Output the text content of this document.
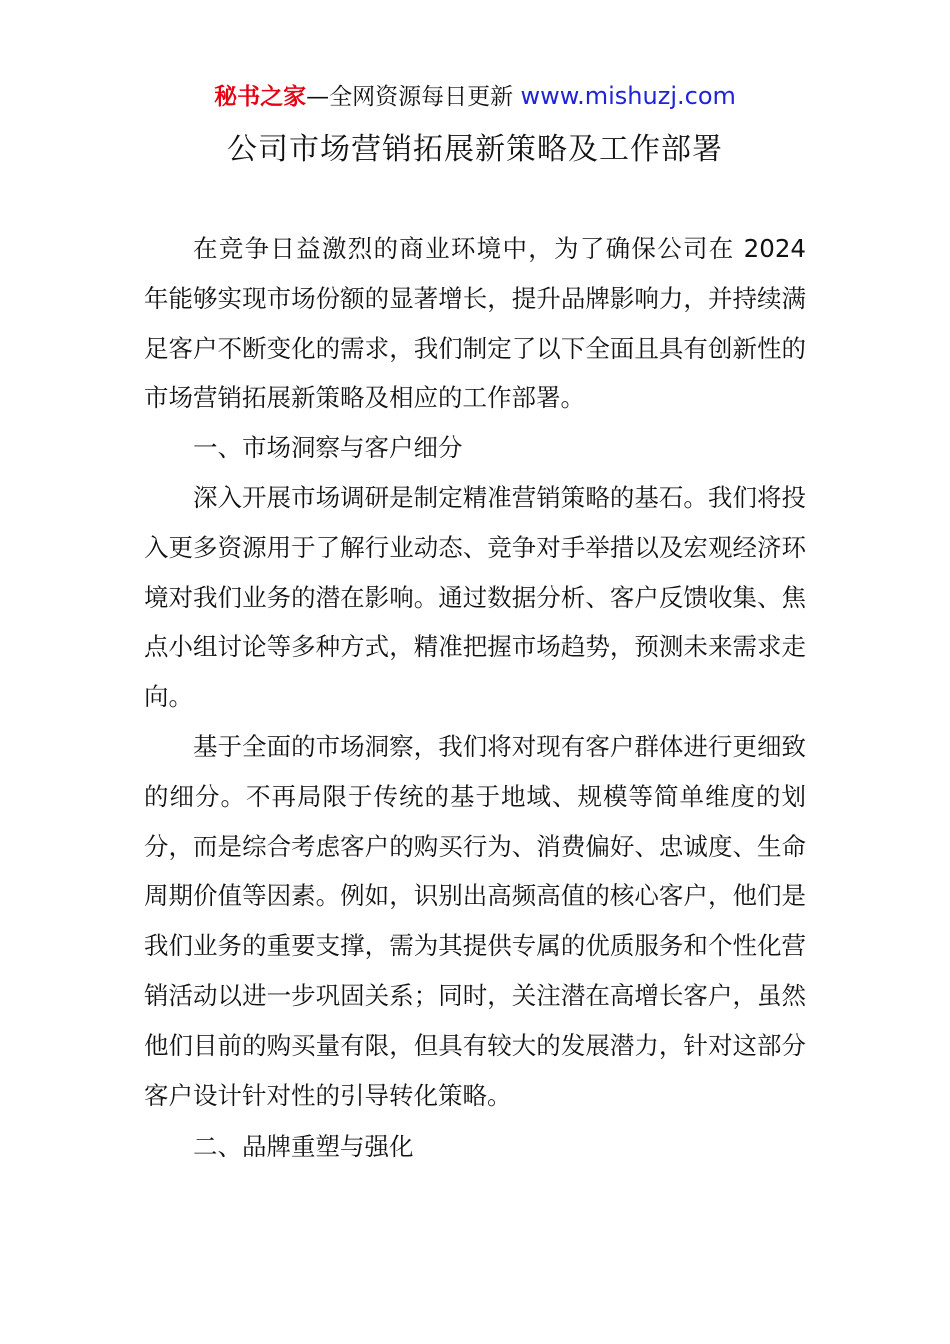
秘书之家—全网资源每日更新 www.mishuzj.com
公司市场营销拓展新策略及工作部署

在竞争日益激烈的商业环境中，为了确保公司在 2024 年能够实现市场份额的显著增长，提升品牌影响力，并持续满足客户不断变化的需求，我们制定了以下全面且具有创新性的市场营销拓展新策略及相应的工作部署。

一、市场洞察与客户细分

深入开展市场调研是制定精准营销策略的基石。我们将投入更多资源用于了解行业动态、竞争对手举措以及宏观经济环境对我们业务的潜在影响。通过数据分析、客户反馈收集、焦点小组讨论等多种方式，精准把握市场趋势，预测未来需求走向。

基于全面的市场洞察，我们将对现有客户群体进行更细致的细分。不再局限于传统的基于地域、规模等简单维度的划分，而是综合考虑客户的购买行为、消费偏好、忠诚度、生命周期价值等因素。例如，识别出高频高值的核心客户，他们是我们业务的重要支撑，需为其提供专属的优质服务和个性化营销活动以进一步巩固关系；同时，关注潜在高增长客户，虽然他们目前的购买量有限，但具有较大的发展潜力，针对这部分客户设计针对性的引导转化策略。

二、品牌重塑与强化
